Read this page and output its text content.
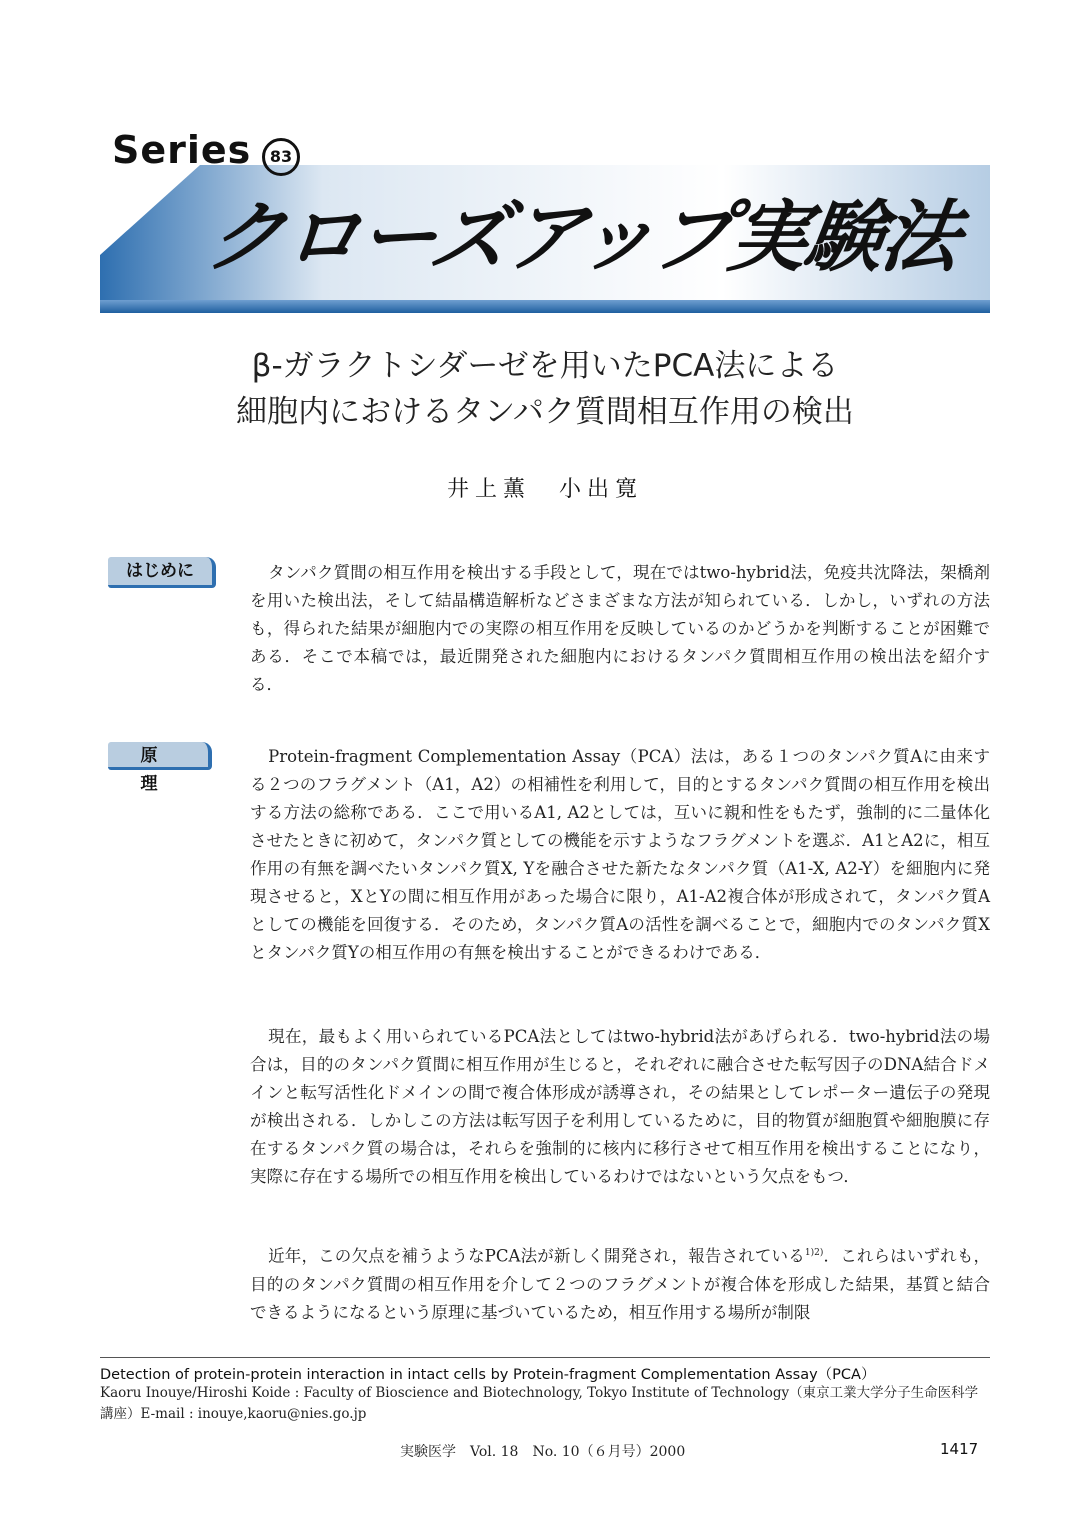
Series	83
クローズアップ実験法
β-ガラクトシダーゼを用いたPCA法による
細胞内におけるタンパク質間相互作用の検出
井上薫　小出寛
はじめに	タンパク質間の相互作用を検出する手段として，現在ではtwo-hybrid法，免疫共沈降法，架橋剤を用いた検出法，そして結晶構造解析などさまざまな方法が知られている．しかし，いずれの方法も，得られた結果が細胞内での実際の相互作用を反映しているのかどうかを判断することが困難である．そこで本稿では，最近開発された細胞内におけるタンパク質間相互作用の検出法を紹介する．

原理

Protein-fragment Complementation Assay（PCA）法は，ある１つのタンパク質Aに由来する２つのフラグメント（A1，A2）の相補性を利用して，目的とするタンパク質間の相互作用を検出する方法の総称である．ここで用いるA1, A2としては，互いに親和性をもたず，強制的に二量体化させたときに初めて，タンパク質としての機能を示すようなフラグメントを選ぶ．A1とA2に，相互作用の有無を調べたいタンパク質X, Yを融合させた新たなタンパク質（A1-X, A2-Y）を細胞内に発現させると，XとYの間に相互作用があった場合に限り，A1-A2複合体が形成されて，タンパク質Aとしての機能を回復する．そのため，タンパク質Aの活性を調べることで，細胞内でのタンパク質Xとタンパク質Yの相互作用の有無を検出することができるわけである．

現在，最もよく用いられているPCA法としてはtwo-hybrid法があげられる．two-hybrid法の場合は，目的のタンパク質間に相互作用が生じると，それぞれに融合させた転写因子のDNA結合ドメインと転写活性化ドメインの間で複合体形成が誘導され，その結果としてレポーター遺伝子の発現が検出される．しかしこの方法は転写因子を利用しているために，目的物質が細胞質や細胞膜に存在するタンパク質の場合は，それらを強制的に核内に移行させて相互作用を検出することになり，実際に存在する場所での相互作用を検出しているわけではないという欠点をもつ．

近年，この欠点を補うようなPCA法が新しく開発され，報告されている$^{1)2)}$．これらはいずれも，目的のタンパク質間の相互作用を介して２つのフラグメントが複合体を形成した結果，基質と結合できるようになるという原理に基づいているため，相互作用する場所が制限

Detection of protein-protein interaction in intact cells by Protein-fragment Complementation Assay（PCA）
Kaoru Inouye/Hiroshi Koide : Faculty of Bioscience and Biotechnology, Tokyo Institute of Technology（東京工業大学分子生命医科学講座）E-mail : inouye,kaoru@nies.go.jp
実験医学　Vol. 18　No. 10（６月号）2000	1417
